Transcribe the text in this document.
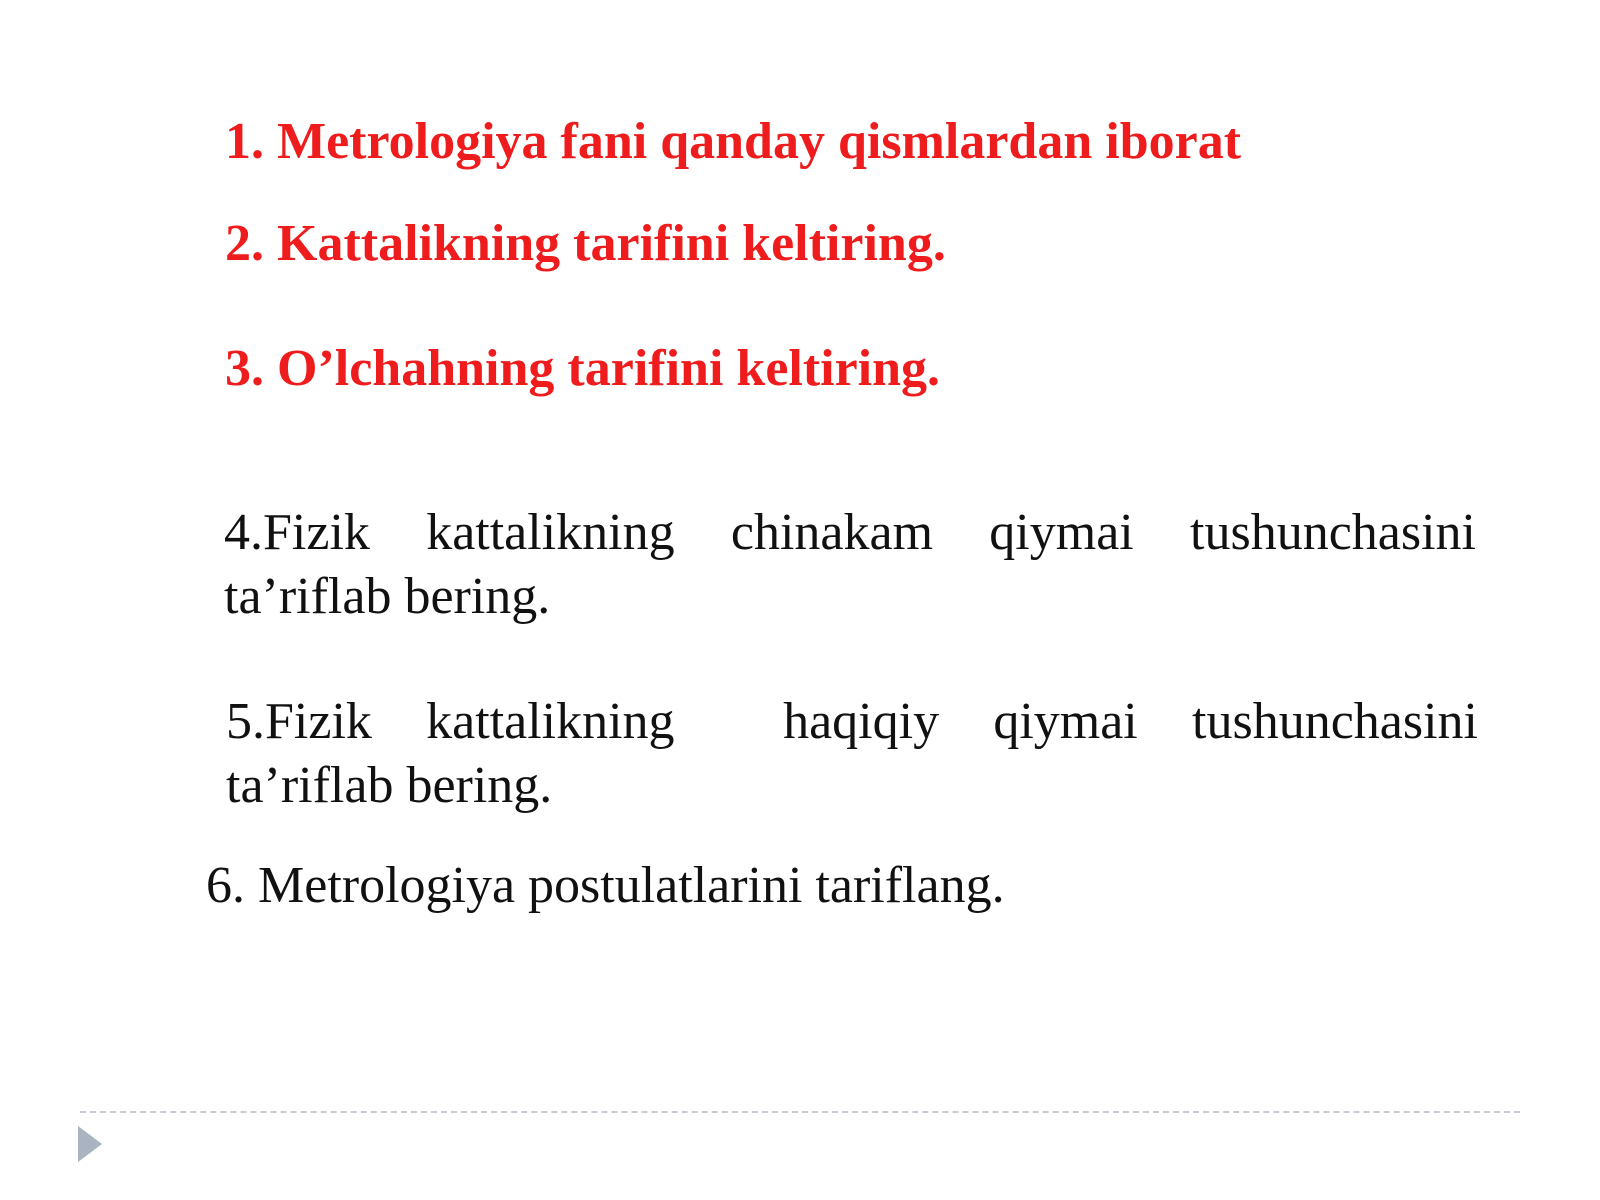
1. Metrologiya fani qanday qismlardan iborat

2. Kattalikning tarifini keltiring.

3. O’lchahning tarifini keltiring.

4.Fizik kattalikning chinakam qiymai tushunchasini
ta’riflab bering.
5.Fizik kattalikning  haqiqiy qiymai tushunchasini
ta’riflab bering.

6. Metrologiya postulatlarini tariflang.
